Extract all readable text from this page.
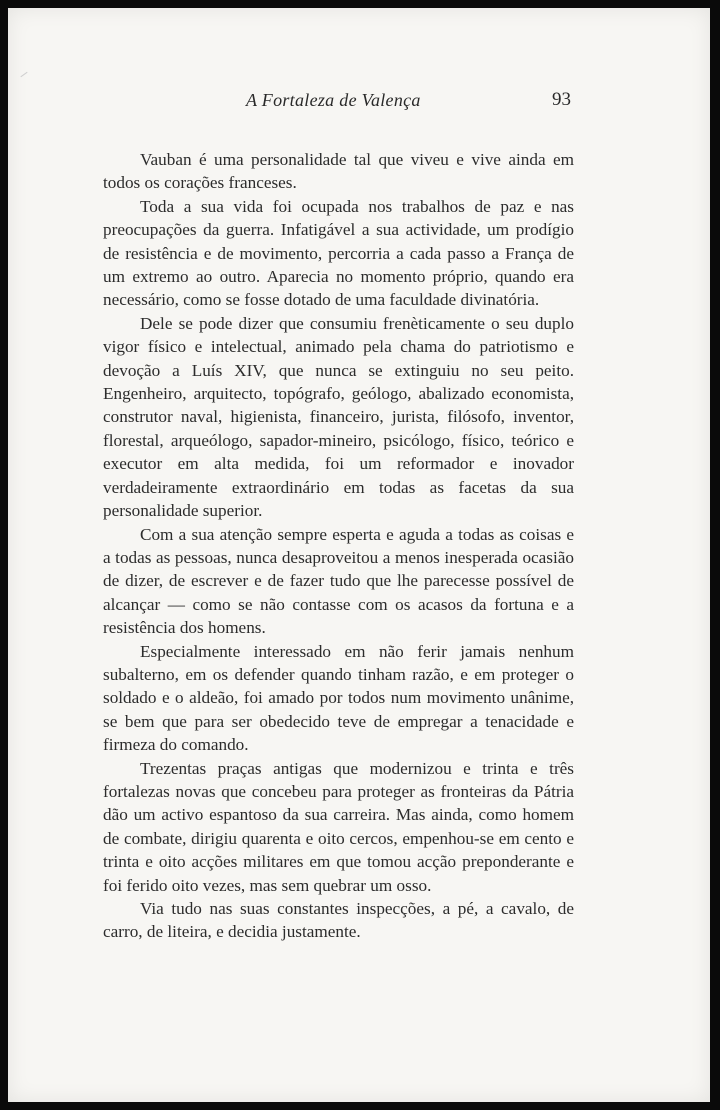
A Fortaleza de Valença	93

Vauban é uma personalidade tal que viveu e vive ainda em todos os corações franceses.

Toda a sua vida foi ocupada nos trabalhos de paz e nas preocupações da guerra. Infatigável a sua actividade, um prodígio de resistência e de movimento, percorria a cada passo a França de um extremo ao outro. Aparecia no momento próprio, quando era necessário, como se fosse dotado de uma faculdade divinatória.

Dele se pode dizer que consumiu frenèticamente o seu duplo vigor físico e intelectual, animado pela chama do patriotismo e devoção a Luís XIV, que nunca se extinguiu no seu peito. Engenheiro, arquitecto, topógrafo, geólogo, abalizado economista, construtor naval, higienista, financeiro, jurista, filósofo, inventor, florestal, arqueólogo, sapador-mineiro, psicólogo, físico, teórico e executor em alta medida, foi um reformador e inovador verdadeiramente extraordinário em todas as facetas da sua personalidade superior.

Com a sua atenção sempre esperta e aguda a todas as coisas e a todas as pessoas, nunca desaproveitou a menos inesperada ocasião de dizer, de escrever e de fazer tudo que lhe parecesse possível de alcançar — como se não contasse com os acasos da fortuna e a resistência dos homens.

Especialmente interessado em não ferir jamais nenhum subalterno, em os defender quando tinham razão, e em proteger o soldado e o aldeão, foi amado por todos num movimento unânime, se bem que para ser obedecido teve de empregar a tenacidade e firmeza do comando.

Trezentas praças antigas que modernizou e trinta e três fortalezas novas que concebeu para proteger as fronteiras da Pátria dão um activo espantoso da sua carreira. Mas ainda, como homem de combate, dirigiu quarenta e oito cercos, empenhou-se em cento e trinta e oito acções militares em que tomou acção preponderante e foi ferido oito vezes, mas sem quebrar um osso.

Via tudo nas suas constantes inspecções, a pé, a cavalo, de carro, de liteira, e decidia justamente.
